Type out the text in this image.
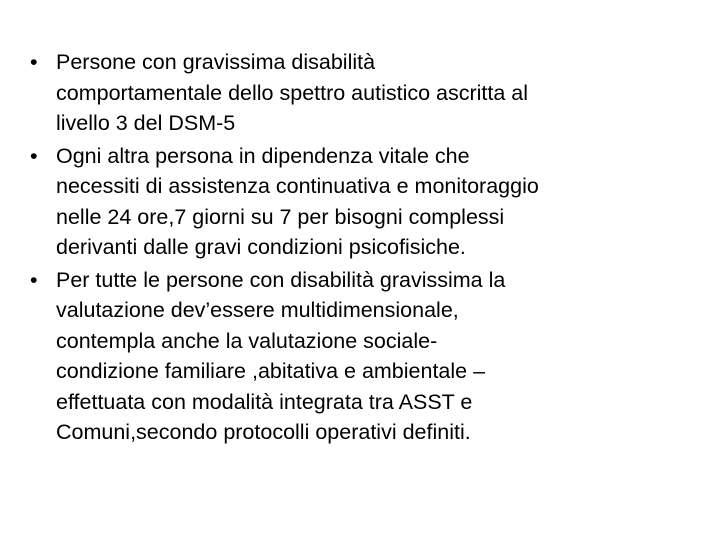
• Persone con gravissima disabilità
comportamentale dello spettro autistico ascritta al
livello 3 del DSM-5
• Ogni altra persona in dipendenza vitale che
necessiti di assistenza continuativa e monitoraggio
nelle 24 ore,7 giorni su 7 per bisogni complessi
derivanti dalle gravi condizioni psicofisiche.
• Per tutte le persone con disabilità gravissima la
valutazione dev’essere multidimensionale,
contempla anche la valutazione sociale-
condizione familiare ,abitativa e ambientale –
effettuata con modalità integrata tra ASST e
Comuni,secondo protocolli operativi definiti.
